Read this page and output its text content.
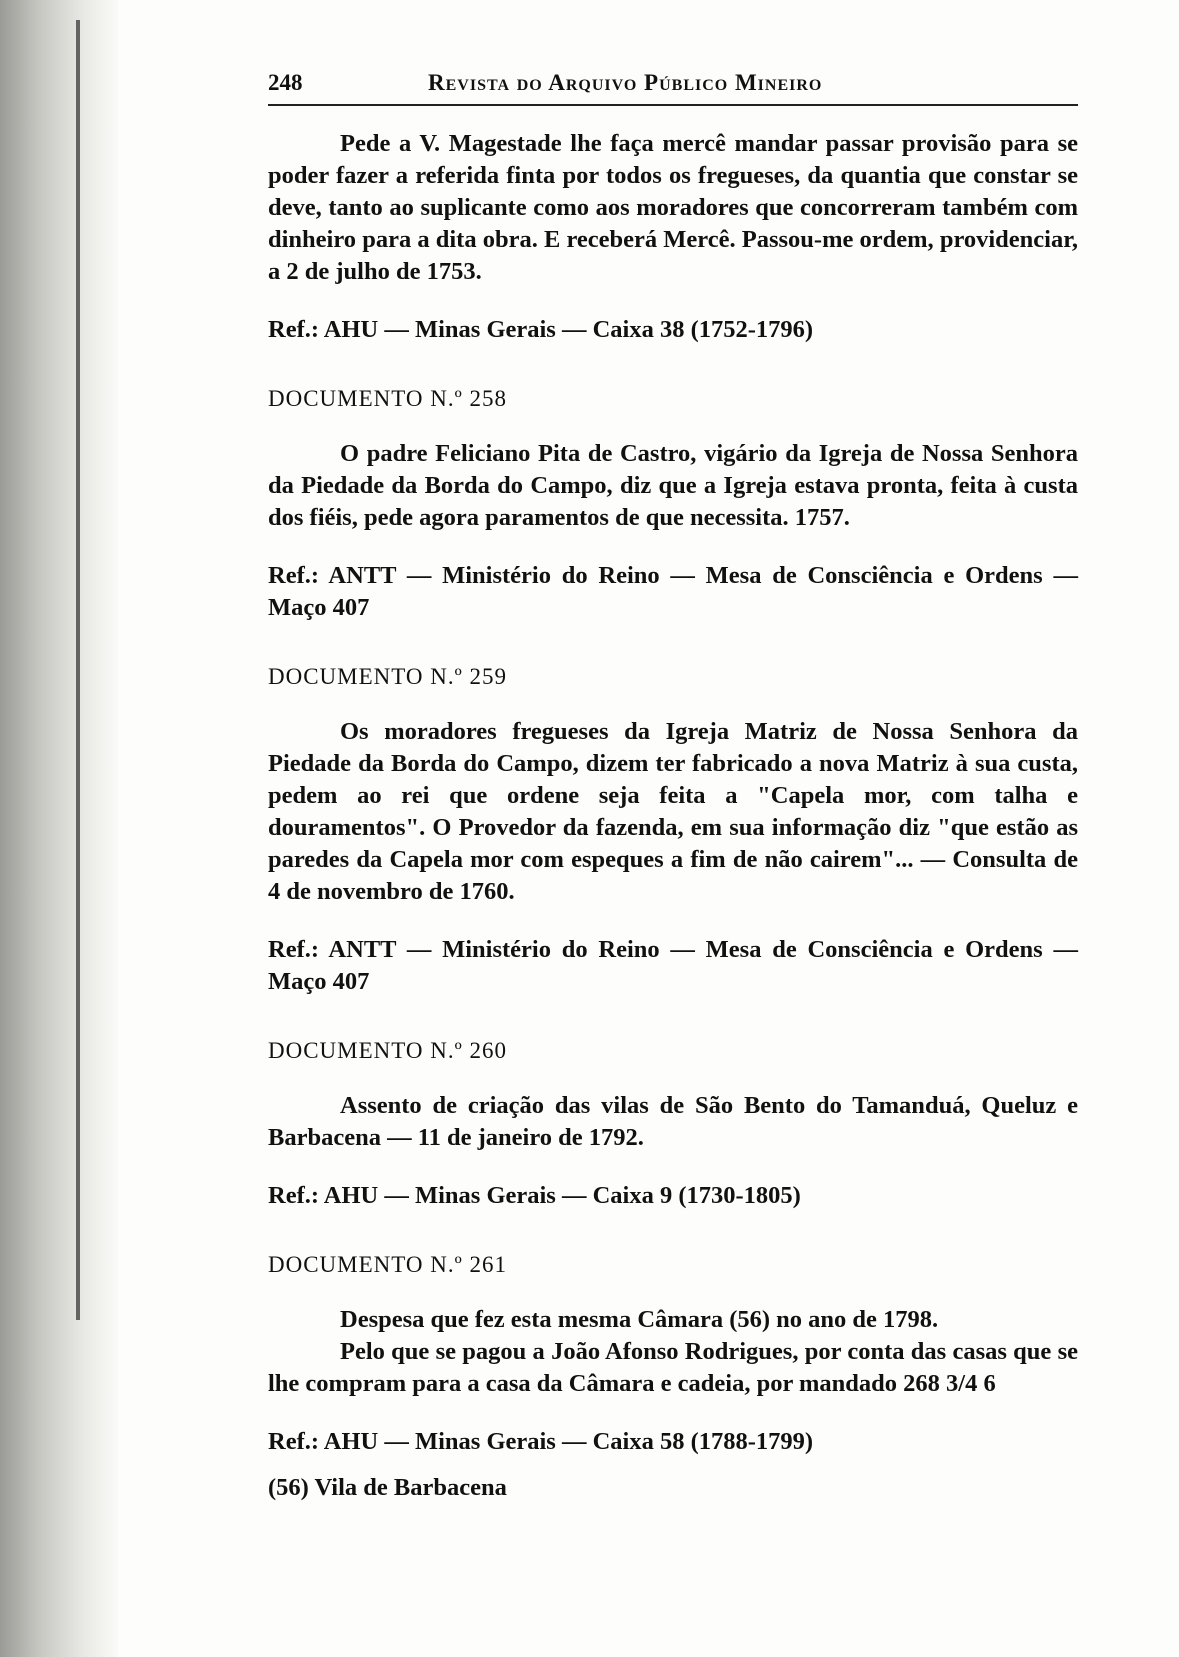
248	Revista do Arquivo Público Mineiro

Pede a V. Magestade lhe faça mercê mandar passar provisão para se poder fazer a referida finta por todos os fregueses, da quantia que constar se deve, tanto ao suplicante como aos moradores que concorreram também com dinheiro para a dita obra. E receberá Mercê. Passou-me ordem, providenciar, a 2 de julho de 1753.

Ref.: AHU — Minas Gerais — Caixa 38 (1752-1796)

DOCUMENTO N.º 258

O padre Feliciano Pita de Castro, vigário da Igreja de Nossa Senhora da Piedade da Borda do Campo, diz que a Igreja estava pronta, feita à custa dos fiéis, pede agora paramentos de que necessita. 1757.

Ref.: ANTT — Ministério do Reino — Mesa de Consciência e Ordens — Maço 407

DOCUMENTO N.º 259

Os moradores fregueses da Igreja Matriz de Nossa Senhora da Piedade da Borda do Campo, dizem ter fabricado a nova Matriz à sua custa, pedem ao rei que ordene seja feita a "Capela mor, com talha e douramentos". O Provedor da fazenda, em sua informação diz "que estão as paredes da Capela mor com espeques a fim de não cairem"... — Consulta de 4 de novembro de 1760.

Ref.: ANTT — Ministério do Reino — Mesa de Consciência e Ordens — Maço 407

DOCUMENTO N.º 260

Assento de criação das vilas de São Bento do Tamanduá, Queluz e Barbacena — 11 de janeiro de 1792.

Ref.: AHU — Minas Gerais — Caixa 9 (1730-1805)

DOCUMENTO N.º 261

Despesa que fez esta mesma Câmara (56) no ano de 1798.

Pelo que se pagou a João Afonso Rodrigues, por conta das casas que se lhe compram para a casa da Câmara e cadeia, por mandado 268 3/4 6

Ref.: AHU — Minas Gerais — Caixa 58 (1788-1799)

(56) Vila de Barbacena
